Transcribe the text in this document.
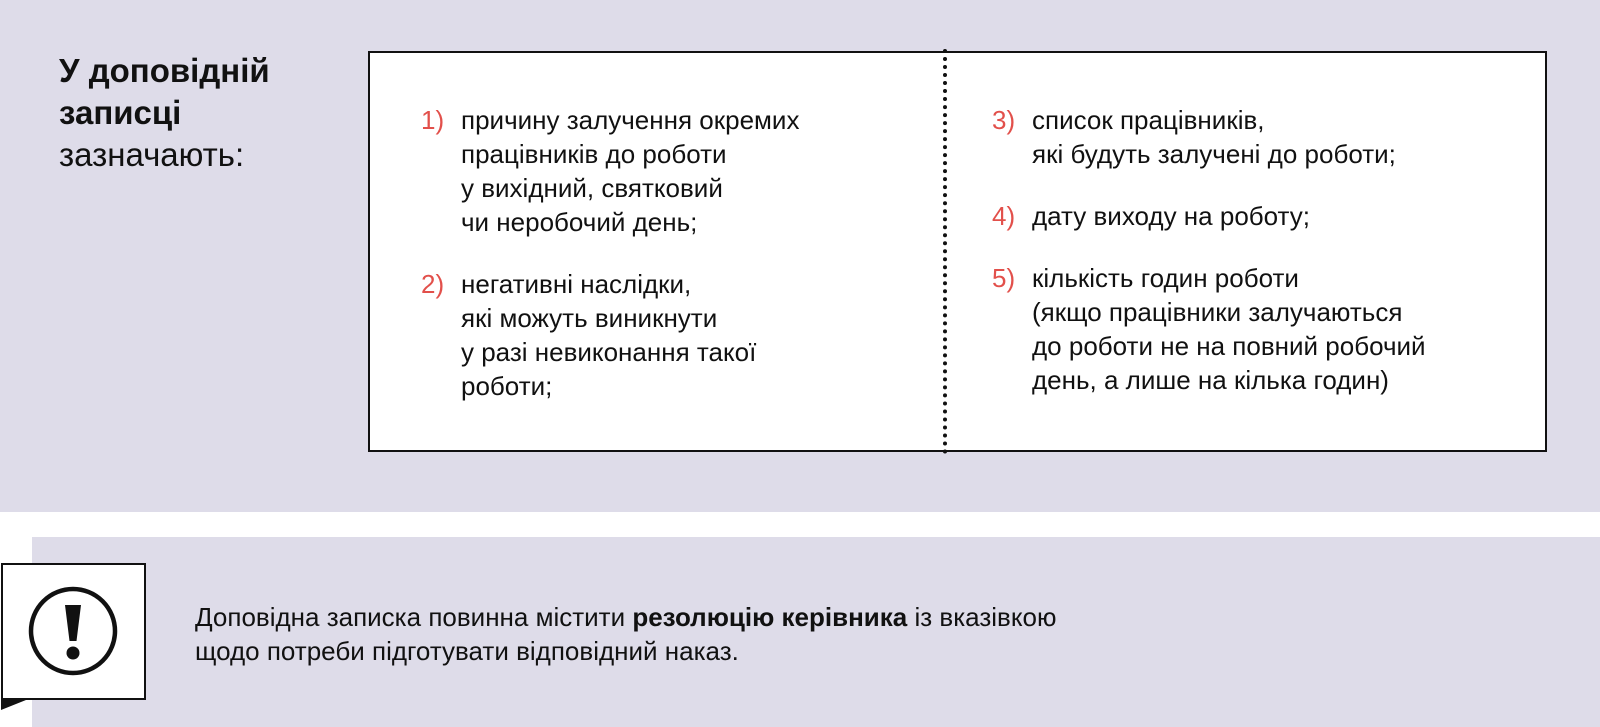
У доповідній
записці
зазначають:
1) причину залучення окремих
працівників до роботи
у вихідний, святковий
чи неробочий день;
2) негативні наслідки,
які можуть виникнути
у разі невиконання такої
роботи;
3) список працівників,
які будуть залучені до роботи;
4) дату виходу на роботу;
5) кількість годин роботи
(якщо працівники залучаються
до роботи не на повний робочий
день, а лише на кілька годин)
Доповідна записка повинна містити резолюцію керівника із вказівкою
щодо потреби підготувати відповідний наказ.
